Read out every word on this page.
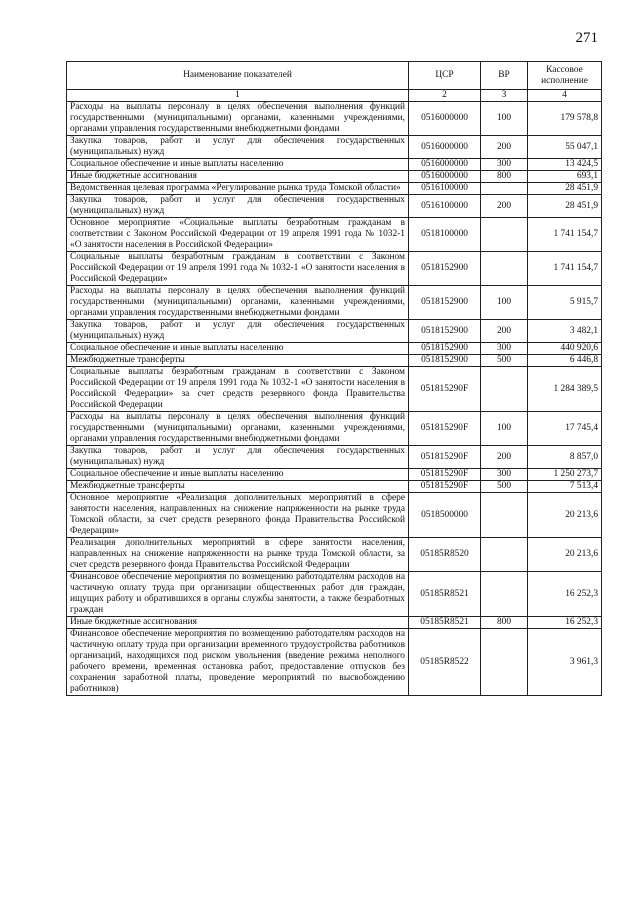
271
Наименование показателей	ЦСР	ВР	Кассовое исполнение
1	2	3	4
Расходы на выплаты персоналу в целях обеспечения выполнения функций государственными (муниципальными) органами, казенными учреждениями, органами управления государственными внебюджетными фондами	0516000000	100	179 578,8
Закупка товаров, работ и услуг для обеспечения государственных (муниципальных) нужд	0516000000	200	55 047,1
Социальное обеспечение и иные выплаты населению	0516000000	300	13 424,5
Иные бюджетные ассигнования	0516000000	800	693,1
Ведомственная целевая программа «Регулирование рынка труда Томской области»	0516100000		28 451,9
Закупка товаров, работ и услуг для обеспечения государственных (муниципальных) нужд	0516100000	200	28 451,9
Основное мероприятие «Социальные выплаты безработным гражданам в соответствии с Законом Российской Федерации от 19 апреля 1991 года № 1032-1 «О занятости населения в Российской Федерации»	0518100000		1 741 154,7
Социальные выплаты безработным гражданам в соответствии с Законом Российской Федерации от 19 апреля 1991 года № 1032-1 «О занятости населения в Российской Федерации»	0518152900		1 741 154,7
Расходы на выплаты персоналу в целях обеспечения выполнения функций государственными (муниципальными) органами, казенными учреждениями, органами управления государственными внебюджетными фондами	0518152900	100	5 915,7
Закупка товаров, работ и услуг для обеспечения государственных (муниципальных) нужд	0518152900	200	3 482,1
Социальное обеспечение и иные выплаты населению	0518152900	300	440 920,6
Межбюджетные трансферты	0518152900	500	6 446,8
Социальные выплаты безработным гражданам в соответствии с Законом Российской Федерации от 19 апреля 1991 года № 1032-1 «О занятости населения в Российской Федерации» за счет средств резервного фонда Правительства Российской Федерации	051815290F		1 284 389,5
Расходы на выплаты персоналу в целях обеспечения выполнения функций государственными (муниципальными) органами, казенными учреждениями, органами управления государственными внебюджетными фондами	051815290F	100	17 745,4
Закупка товаров, работ и услуг для обеспечения государственных (муниципальных) нужд	051815290F	200	8 857,0
Социальное обеспечение и иные выплаты населению	051815290F	300	1 250 273,7
Межбюджетные трансферты	051815290F	500	7 513,4
Основное мероприятие «Реализация дополнительных мероприятий в сфере занятости населения, направленных на снижение напряженности на рынке труда Томской области, за счет средств резервного фонда Правительства Российской Федерации»	0518500000		20 213,6
Реализация дополнительных мероприятий в сфере занятости населения, направленных на снижение напряженности на рынке труда Томской области, за счет средств резервного фонда Правительства Российской Федерации	05185R8520		20 213,6
Финансовое обеспечение мероприятия по возмещению работодателям расходов на частичную оплату труда при организации общественных работ для граждан, ищущих работу и обратившихся в органы службы занятости, а также безработных граждан	05185R8521		16 252,3
Иные бюджетные ассигнования	05185R8521	800	16 252,3
Финансовое обеспечение мероприятия по возмещению работодателям расходов на частичную оплату труда при организации временного трудоустройства работников организаций, находящихся под риском увольнения (введение режима неполного рабочего времени, временная остановка работ, предоставление отпусков без сохранения заработной платы, проведение мероприятий по высвобождению работников)	05185R8522		3 961,3
